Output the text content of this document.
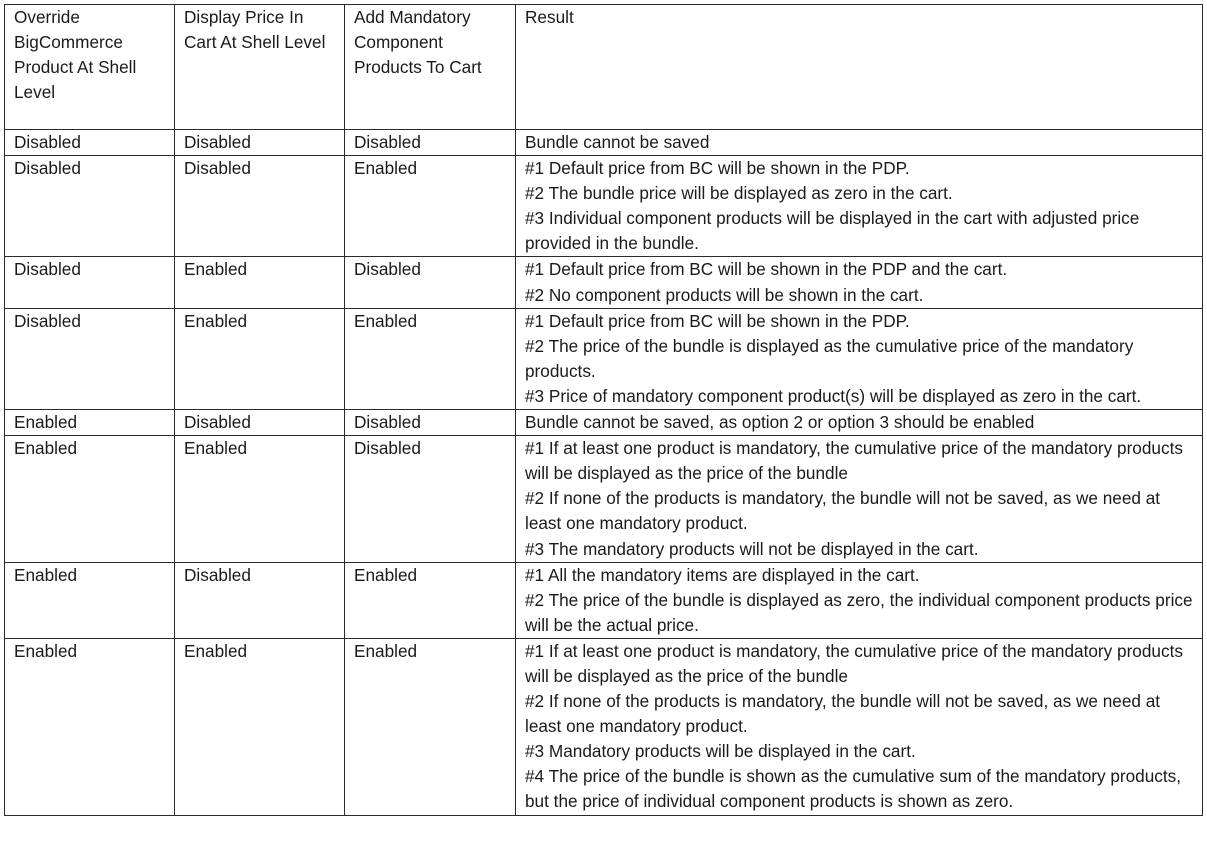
Override BigCommerce Product At Shell Level	Display Price In Cart At Shell Level	Add Mandatory Component Products To Cart	Result
Disabled	Disabled	Disabled	Bundle cannot be saved

Disabled	Disabled	Enabled	#1 Default price from BC will be shown in the PDP.
#2 The bundle price will be displayed as zero in the cart.
#3 Individual component products will be displayed in the cart with adjusted price provided in the bundle.

Disabled	Enabled	Disabled	#1 Default price from BC will be shown in the PDP and the cart.
#2 No component products will be shown in the cart.

Disabled	Enabled	Enabled	#1 Default price from BC will be shown in the PDP.
#2 The price of the bundle is displayed as the cumulative price of the mandatory products.
#3 Price of mandatory component product(s) will be displayed as zero in the cart.

Enabled	Disabled	Disabled	Bundle cannot be saved, as option 2 or option 3 should be enabled

Enabled	Enabled	Disabled	#1 If at least one product is mandatory, the cumulative price of the mandatory products will be displayed as the price of the bundle
#2 If none of the products is mandatory, the bundle will not be saved, as we need at least one mandatory product.
#3 The mandatory products will not be displayed in the cart.

Enabled	Disabled	Enabled	#1 All the mandatory items are displayed in the cart.
#2 The price of the bundle is displayed as zero, the individual component products price will be the actual price.

Enabled	Enabled	Enabled	#1 If at least one product is mandatory, the cumulative price of the mandatory products will be displayed as the price of the bundle
#2 If none of the products is mandatory, the bundle will not be saved, as we need at least one mandatory product.
#3 Mandatory products will be displayed in the cart.
#4 The price of the bundle is shown as the cumulative sum of the mandatory products, but the price of individual component products is shown as zero.
